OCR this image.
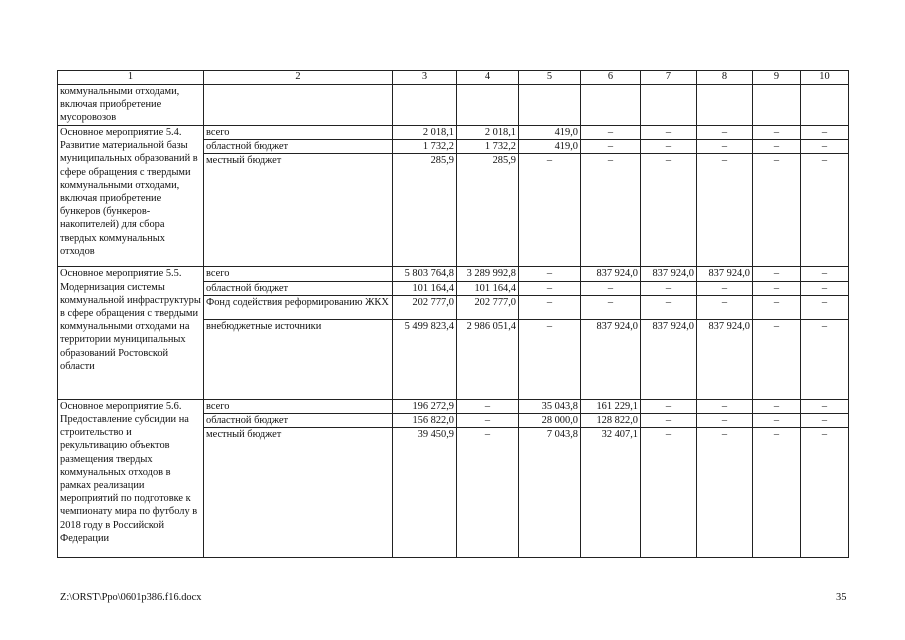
1	2	3	4	5	6	7	8	9	10
коммунальными отходами, включая приобретение мусоровозов									
Основное мероприятие 5.4. Развитие материальной базы муниципальных образований в сфере обращения с твердыми коммунальными отходами, включая приобретение бункеров (бункеров-накопителей) для сбора твердых коммунальных отходов	всего	2 018,1	2 018,1	419,0	–	–	–	–	–
	областной бюджет	1 732,2	1 732,2	419,0	–	–	–	–	–
	местный бюджет	285,9	285,9	–	–	–	–	–	–
Основное мероприятие 5.5. Модернизация системы коммунальной инфраструктуры в сфере обращения с твердыми коммунальными отходами на территории муниципальных образований Ростовской области	всего	5 803 764,8	3 289 992,8	–	837 924,0	837 924,0	837 924,0	–	–
	областной бюджет	101 164,4	101 164,4	–	–	–	–	–	–
	Фонд содействия реформированию ЖКХ	202 777,0	202 777,0	–	–	–	–	–	–
	внебюджетные источники	5 499 823,4	2 986 051,4	–	837 924,0	837 924,0	837 924,0	–	–
Основное мероприятие 5.6. Предоставление субсидии на строительство и рекультивацию объектов размещения твердых коммунальных отходов в рамках реализации мероприятий по подготовке к чемпионату мира по футболу в 2018 году в Российской Федерации	всего	196 272,9	–	35 043,8	161 229,1	–	–	–	–
	областной бюджет	156 822,0	–	28 000,0	128 822,0	–	–	–	–
	местный бюджет	39 450,9	–	7 043,8	32 407,1	–	–	–	–
Z:\ORST\Ppo\0601p386.f16.docx	35
